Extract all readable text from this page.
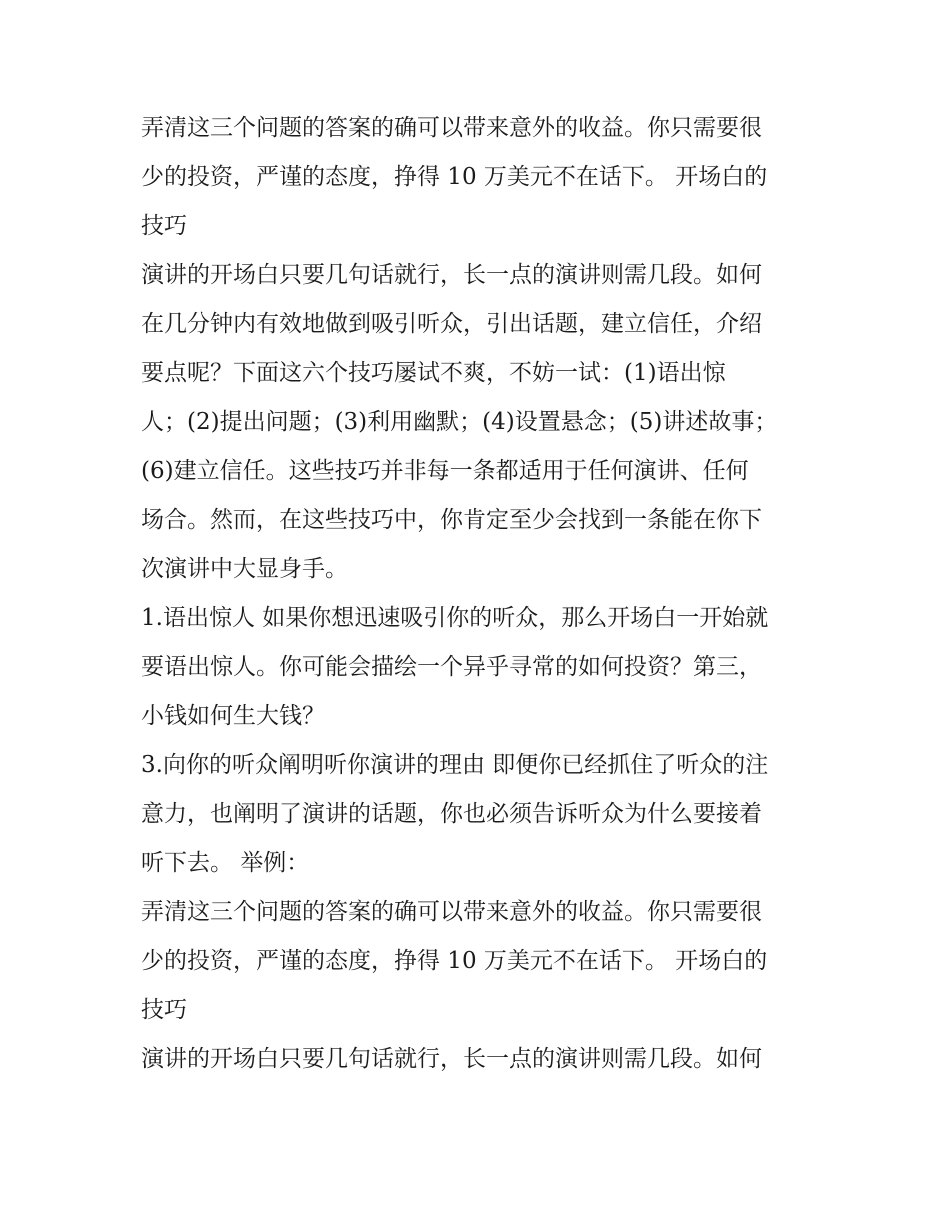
弄清这三个问题的答案的确可以带来意外的收益。你只需要很
少的投资，严谨的态度，挣得 10 万美元不在话下。 开场白的
技巧

演讲的开场白只要几句话就行，长一点的演讲则需几段。如何
在几分钟内有效地做到吸引听众，引出话题，建立信任，介绍
要点呢？下面这六个技巧屡试不爽，不妨一试：(1)语出惊
人；(2)提出问题；(3)利用幽默；(4)设置悬念；(5)讲述故事；
(6)建立信任。这些技巧并非每一条都适用于任何演讲、任何
场合。然而，在这些技巧中，你肯定至少会找到一条能在你下
次演讲中大显身手。

1.语出惊人 如果你想迅速吸引你的听众，那么开场白一开始就
要语出惊人。你可能会描绘一个异乎寻常的如何投资？第三，
小钱如何生大钱？

3.向你的听众阐明听你演讲的理由 即便你已经抓住了听众的注
意力，也阐明了演讲的话题，你也必须告诉听众为什么要接着
听下去。 举例：

弄清这三个问题的答案的确可以带来意外的收益。你只需要很
少的投资，严谨的态度，挣得 10 万美元不在话下。 开场白的
技巧

演讲的开场白只要几句话就行，长一点的演讲则需几段。如何
